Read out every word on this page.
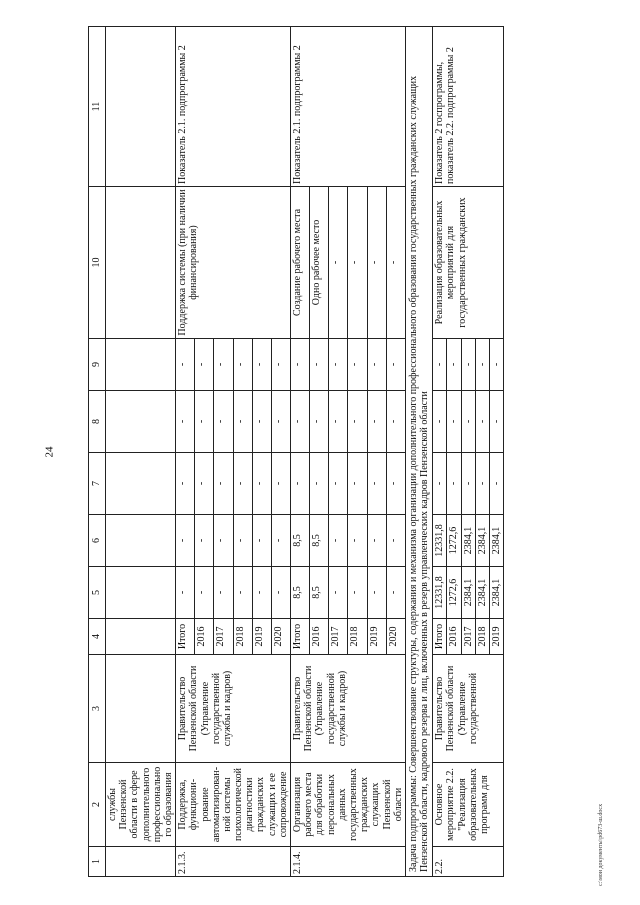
24
1	2	3	4	5	6	7	8	9	10	11
	службы Пензенской области в сфере дополнительного профессионально го образования									
2.1.3.	Поддержка, функциони- рование автоматизирован- ной системы психологической диагностики гражданских служащих и ее сопровождение	Правительство Пензенской области (Управление государственной службы и кадров)	Итого	-	-	-	-	-	Поддержка системы (при наличии финансирования)	Показатель 2.1. подпрограммы 2
			2016	-	-	-	-	-		
			2017	-	-	-	-	-		
			2018	-	-	-	-	-		
			2019	-	-	-	-	-		
			2020	-	-	-	-	-		
2.1.4.	Организация рабочего места для обработки персональных данных государственных гражданских служащих Пензенской области	Правительство Пензенской области (Управление государственной службы и кадров)	Итого	8,5	8,5	-	-	-	Создание рабочего места	Показатель 2.1. подпрограммы 2
			2016	8,5	8,5	-	-	-	Одно рабочее место	
			2017	-	-	-	-	-	-	
			2018	-	-	-	-	-	-	
			2019	-	-	-	-	-	-	
			2020	-	-	-	-	-	-	
Задача подпрограммы: Совершенствование структуры, содержания и механизма организации дополнительного профессионального образования государственных гражданских служащих Пензенской области, кадрового резерва и лиц, включенных в резерв управленческих кадров Пензенской области										
2.2.	Основное мероприятие 2.2. "Реализация образовательных программ для	Правительство Пензенской области (Управление государственной	Итого	12331,8	12331,8	-	-	-	Реализация образовательных мероприятий для государственных гражданских	Показатель 2 госпрограммы, показатель 2.2. подпрограммы 2
			2016	1272,6	1272,6	-	-	-		
			2017	2384,1	2384,1	-	-	-		
			2018	2384,1	2384,1	-	-	-		
			2019	2384,1	2384,1	-	-	-		
c:\мои документы\pd673-ш.docx
